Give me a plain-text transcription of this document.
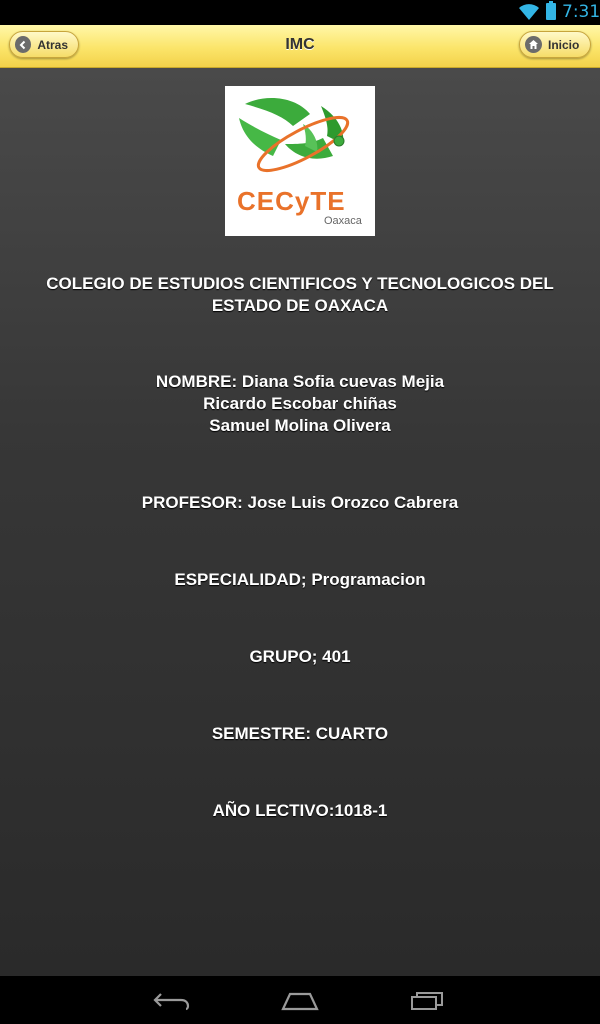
7:31
Atras	IMC	Inicio
CECyTE
Oaxaca
COLEGIO DE ESTUDIOS CIENTIFICOS Y TECNOLOGICOS DEL
ESTADO DE OAXACA
NOMBRE: Diana Sofia cuevas Mejia
Ricardo Escobar chiñas
Samuel Molina Olivera
PROFESOR: Jose Luis Orozco Cabrera
ESPECIALIDAD; Programacion
GRUPO; 401
SEMESTRE: CUARTO
AÑO LECTIVO:1018-1
